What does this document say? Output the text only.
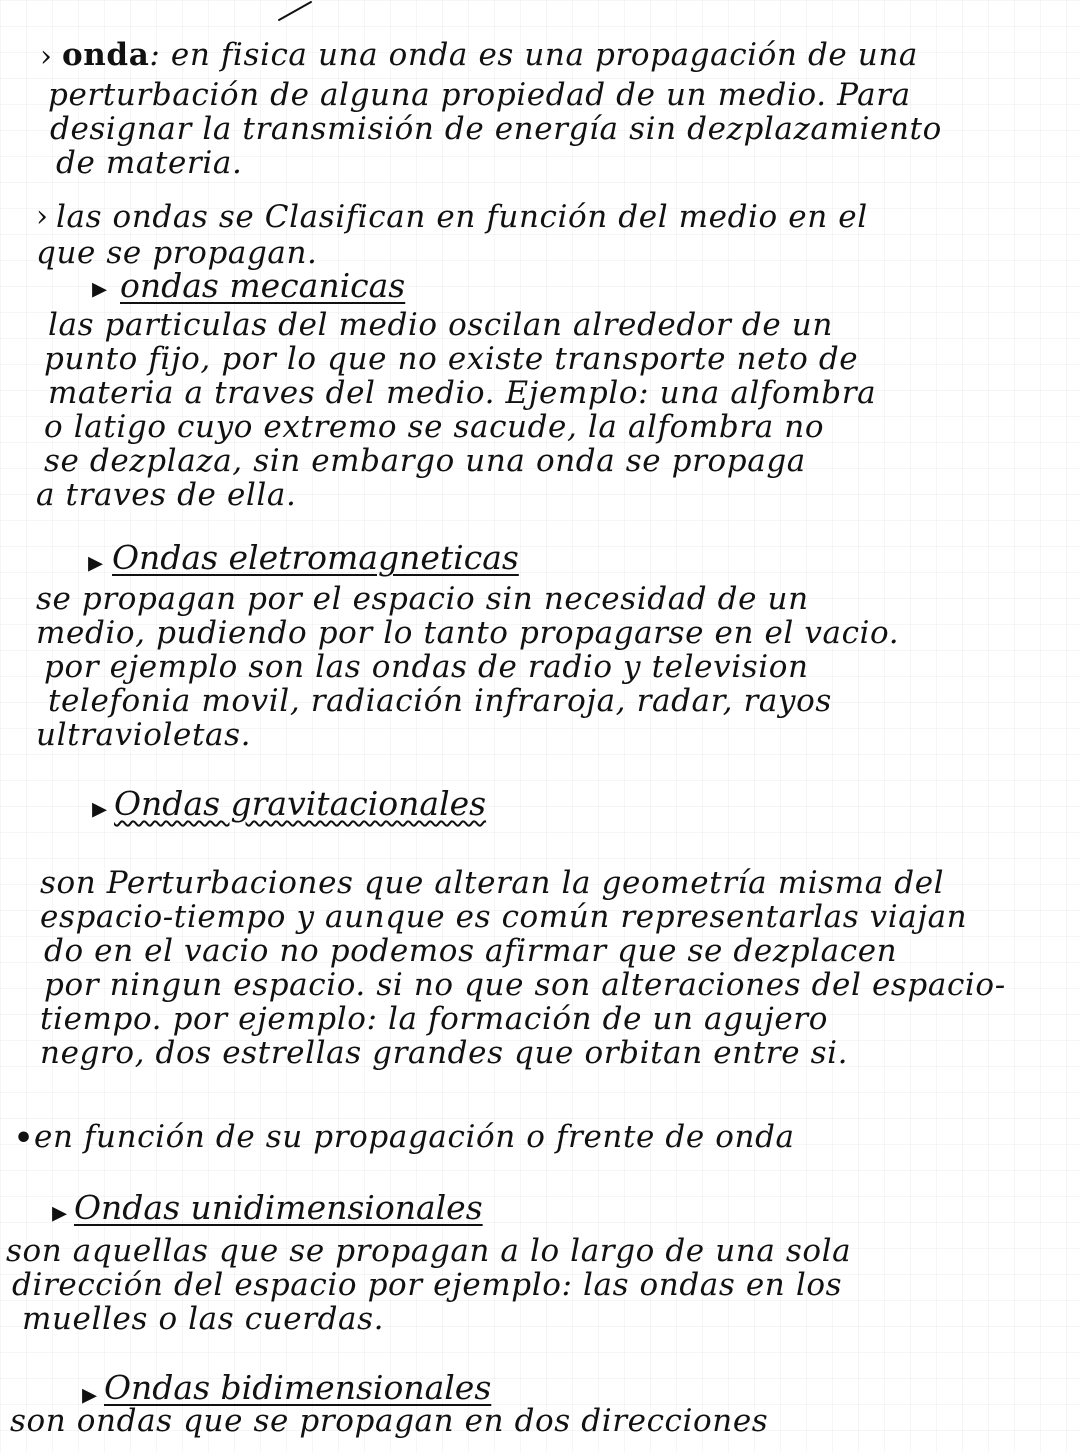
› onda: en fisica una onda es una propagación de una
perturbación de alguna propiedad de un medio. Para
designar la transmisión de energía sin dezplazamiento
de materia.
› las ondas se Clasifican en función del medio en el
que se propagan.
▸ ondas mecanicas
las particulas del medio oscilan alrededor de un
punto fijo, por lo que no existe transporte neto de
materia a traves del medio. Ejemplo: una alfombra
o latigo cuyo extremo se sacude, la alfombra no
se dezplaza, sin embargo una onda se propaga
a traves de ella.
▸ Ondas eletromagneticas
se propagan por el espacio sin necesidad de un
medio, pudiendo por lo tanto propagarse en el vacio.
por ejemplo son las ondas de radio y television
telefonia movil, radiación infraroja, radar, rayos
ultravioletas.
▸ Ondas gravitacionales
son Perturbaciones que alteran la geometría misma del
espacio-tiempo y aunque es común representarlas viajan
do en el vacio no podemos afirmar que se dezplacen
por ningun espacio. si no que son alteraciones del espacio-
tiempo. por ejemplo: la formación de un agujero
negro, dos estrellas grandes que orbitan entre si.
• en función de su propagación o frente de onda
▸ Ondas unidimensionales
son aquellas que se propagan a lo largo de una sola
dirección del espacio por ejemplo: las ondas en los
muelles o las cuerdas.
▸ Ondas bidimensionales
son ondas que se propagan en dos direcciones
